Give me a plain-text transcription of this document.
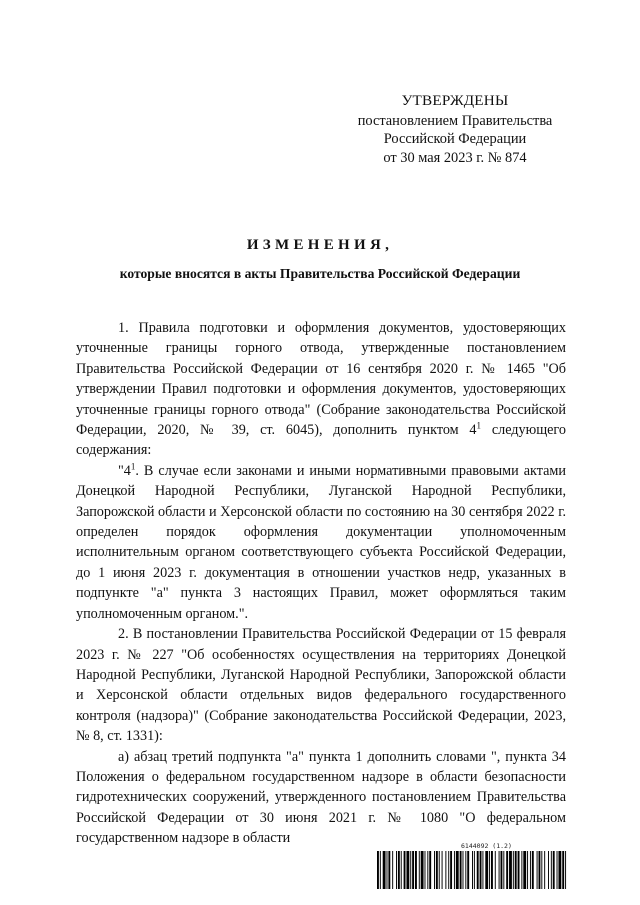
УТВЕРЖДЕНЫ
постановлением Правительства
Российской Федерации
от 30 мая 2023 г. № 874
ИЗМЕНЕНИЯ,
которые вносятся в акты Правительства Российской Федерации

1. Правила подготовки и оформления документов, удостоверяющих уточненные границы горного отвода, утвержденные постановлением Правительства Российской Федерации от 16 сентября 2020 г. № 1465 "Об утверждении Правил подготовки и оформления документов, удостоверяющих уточненные границы горного отвода" (Собрание законодательства Российской Федерации, 2020, № 39, ст. 6045), дополнить пунктом $4^1$ следующего содержания:

"$4^1$. В случае если законами и иными нормативными правовыми актами Донецкой Народной Республики, Луганской Народной Республики, Запорожской области и Херсонской области по состоянию на 30 сентября 2022 г. определен порядок оформления документации уполномоченным исполнительным органом соответствующего субъекта Российской Федерации, до 1 июня 2023 г. документация в отношении участков недр, указанных в подпункте "а" пункта 3 настоящих Правил, может оформляться таким уполномоченным органом.".

2. В постановлении Правительства Российской Федерации от 15 февраля 2023 г. № 227 "Об особенностях осуществления на территориях Донецкой Народной Республики, Луганской Народной Республики, Запорожской области и Херсонской области отдельных видов федерального государственного контроля (надзора)" (Собрание законодательства Российской Федерации, 2023, № 8, ст. 1331):

а) абзац третий подпункта "а" пункта 1 дополнить словами ", пункта 34 Положения о федеральном государственном надзоре в области безопасности гидротехнических сооружений, утвержденного постановлением Правительства Российской Федерации от 30 июня 2021 г. № 1080 "О федеральном государственном надзоре в области	6144092 (1.2)
